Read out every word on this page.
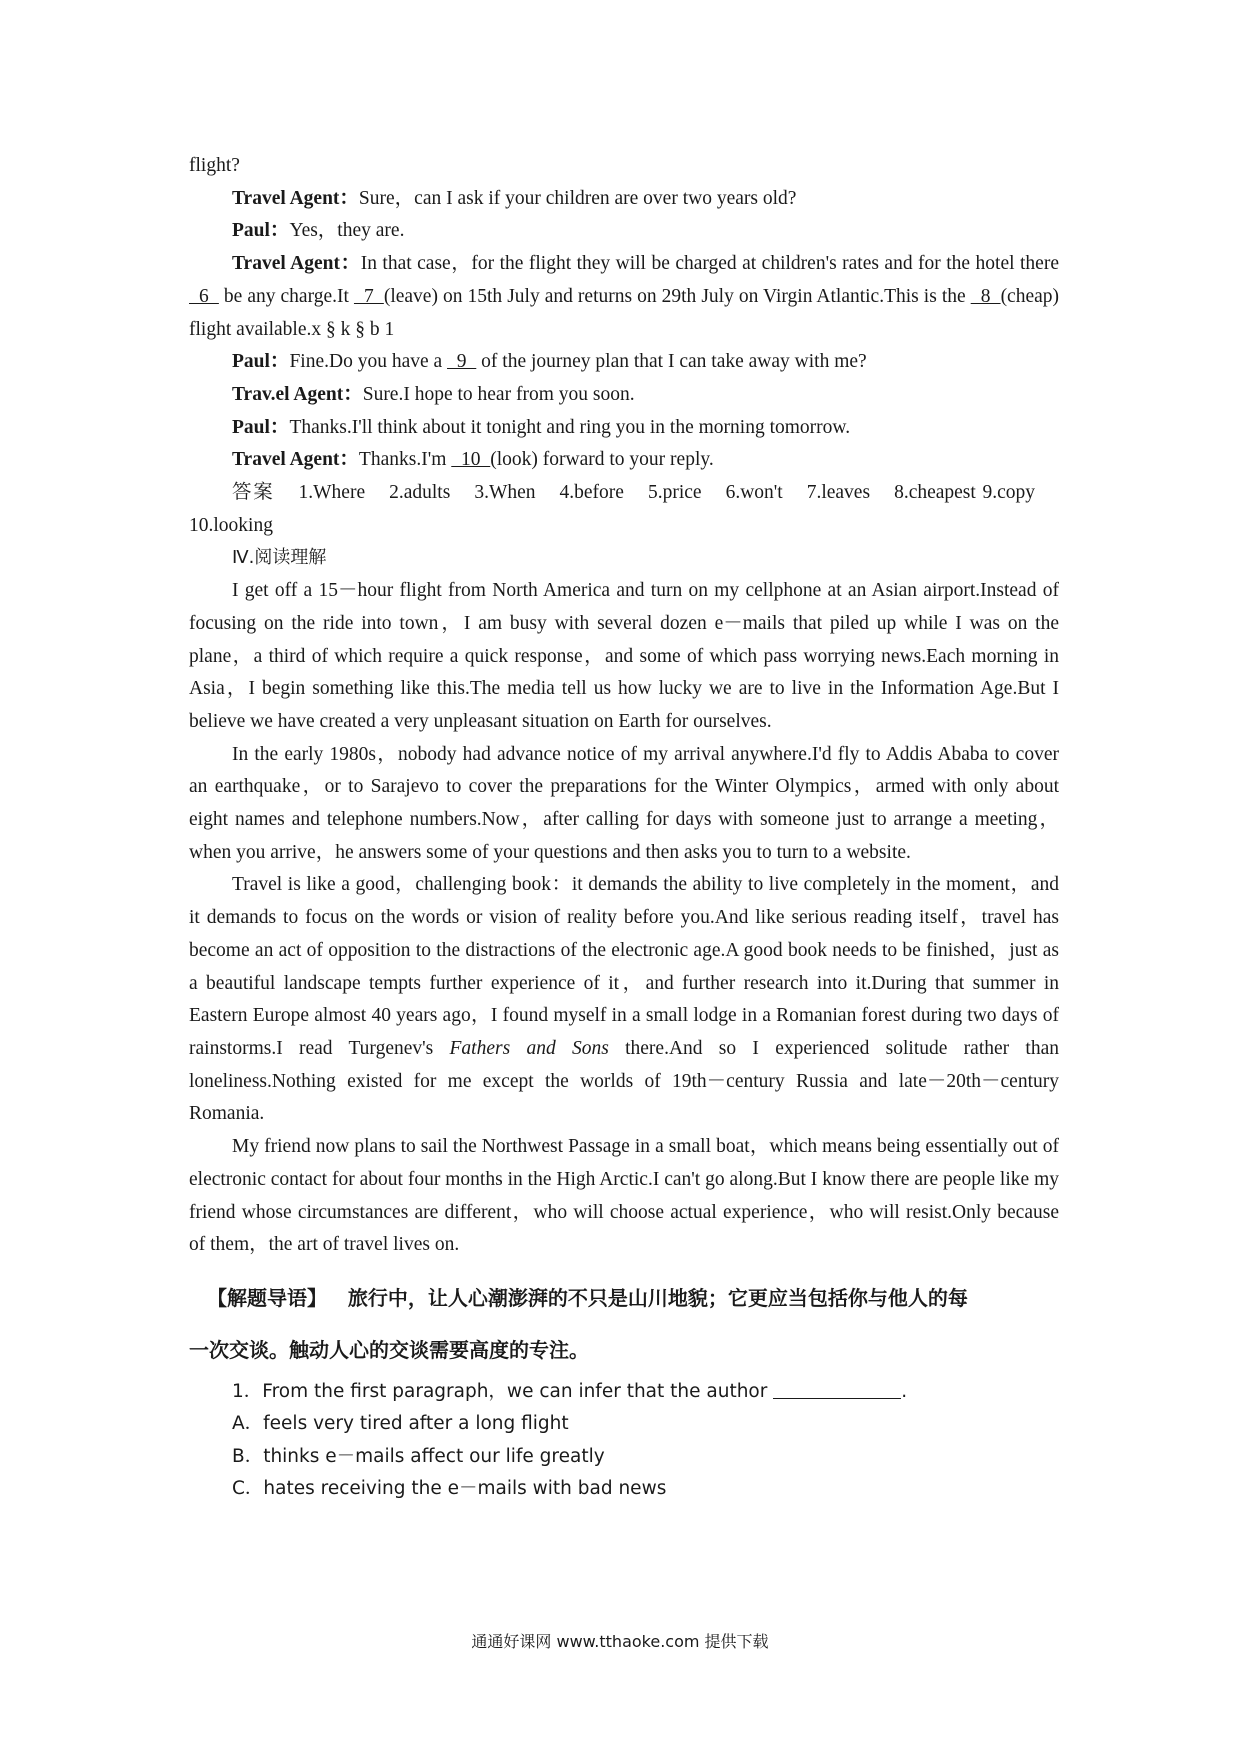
flight?

Travel Agent：Sure，can I ask if your children are over two years old?

Paul：Yes，they are.

Travel Agent：In that case，for the flight they will be charged at children's rates and for the hotel there   6   be any charge.It   7  (leave) on 15th July and returns on 29th July on Virgin Atlantic.This is the   8  (cheap) flight available.x § k § b 1

Paul：Fine.Do you have a   9   of the journey plan that I can take away with me?

Trav.el Agent：Sure.I hope to hear from you soon.

Paul：Thanks.I'll think about it tonight and ring you in the morning tomorrow.

Travel Agent：Thanks.I'm   10  (look) forward to your reply.

答案 1.Where 2.adults 3.When 4.before 5.price 6.won't 7.leaves 8.cheapest 9.copy10.looking

Ⅳ.阅读理解

I get off a 15－hour flight from North America and turn on my cellphone at an Asian airport.Instead of focusing on the ride into town，I am busy with several dozen e－mails that piled up while I was on the plane，a third of which require a quick response，and some of which pass worrying news.Each morning in Asia，I begin something like this.The media tell us how lucky we are to live in the Information Age.But I believe we have created a very unpleasant situation on Earth for ourselves.

In the early 1980s，nobody had advance notice of my arrival anywhere.I'd fly to Addis Ababa to cover an earthquake，or to Sarajevo to cover the preparations for the Winter Olympics，armed with only about eight names and telephone numbers.Now，after calling for days with someone just to arrange a meeting，when you arrive，he answers some of your questions and then asks you to turn to a website.

Travel is like a good，challenging book：it demands the ability to live completely in the moment，and it demands to focus on the words or vision of reality before you.And like serious reading itself，travel has become an act of opposition to the distractions of the electronic age.A good book needs to be finished，just as a beautiful landscape tempts further experience of it，and further research into it.During that summer in Eastern Europe almost 40 years ago，I found myself in a small lodge in a Romanian forest during two days of rainstorms.I read Turgenev's Fathers and Sons there.And so I experienced solitude rather than loneliness.Nothing existed for me except the worlds of 19th－century Russia and late－20th－century Romania.

My friend now plans to sail the Northwest Passage in a small boat，which means being essentially out of electronic contact for about four months in the High Arctic.I can't go along.But I know there are people like my friend whose circumstances are different，who will choose actual experience，who will resist.Only because of them，the art of travel lives on.

【解题导语】 旅行中，让人心潮澎湃的不只是山川地貌；它更应当包括你与他人的每

一次交谈。触动人心的交谈需要高度的专注。

1．From the first paragraph，we can infer that the author	.

A．feels very tired after a long flight

B．thinks e－mails affect our life greatly

C．hates receiving the e－mails with bad news

通通好课网 www.tthaoke.com 提供下载
